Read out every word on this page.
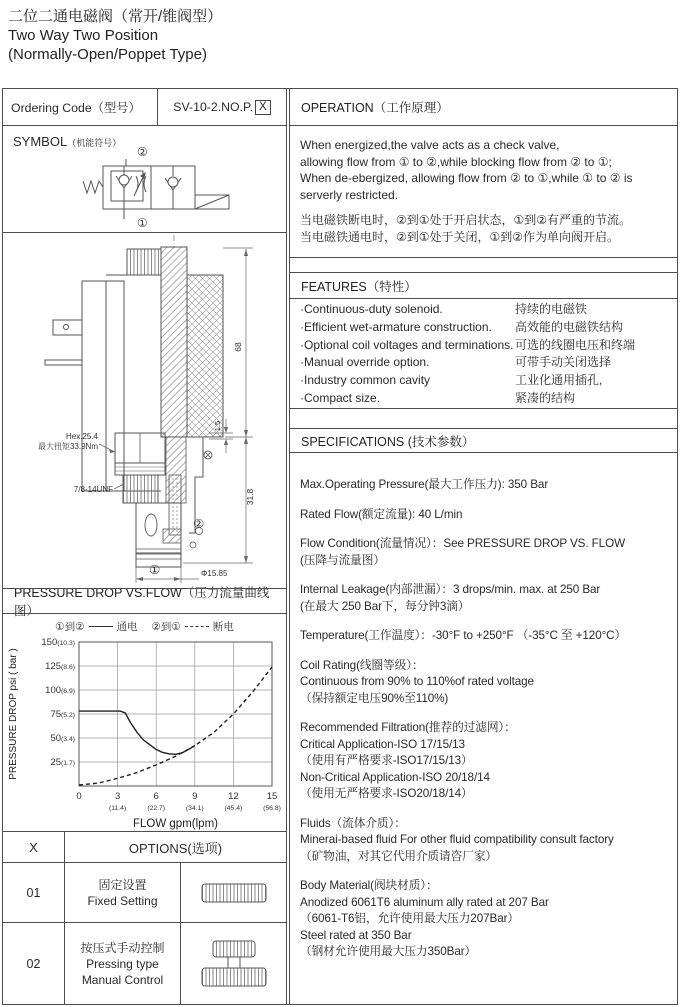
二位二通电磁阀（常开/锥阀型）
Two Way Two Position
(Normally-Open/Poppet Type)
Ordering Code（型号）	SV-10-2.NO.P. X
SYMBOL（机能符号）
②
①
68
1.5
31.8
Φ15.85
②
①
Hex.25.4
最大扭矩33.9Nm
7/8-14UNF
PRESSURE DROP VS.FLOW（压力流量曲线图）
①到②	通电 ②到①	断电
150(10.3)
125(8.6)
100(6.9)
75(5.2)
50(3.4)
25(1.7)
0	3
(11.4)
6
(22.7)
9
(34.1)
12
(45.4)
15
(56.8)
FLOW gpm(lpm)
PRESSURE DROP psi ( bar )
X	OPTIONS(选项)
01
固定设置
Fixed Setting
02
按压式手动控制
Pressing type
Manual Control
OPERATION（工作原理）
When energized,the valve acts as a check valve,
allowing flow from ① to ②,while blocking flow from ② to ①;
When de-ebergized, allowing flow from ② to ①,while ① to ② is
serverly restricted.
当电磁铁断电时，②到①处于开启状态，①到②有严重的节流。
当电磁铁通电时，②到①处于关闭，①到②作为单向阀开启。
FEATURES（特性）
·Continuous-duty solenoid.	持续的电磁铁
·Efficient wet-armature construction. 高效能的电磁铁结构
·Optional coil voltages and terminations. 可选的线圈电压和终端
·Manual override option.	可带手动关闭选择
·Industry common cavity	工业化通用插孔,
·Compact size.	紧凑的结构
SPECIFICATIONS (技术参数）
Max.Operating Pressure(最大工作压力): 350 Bar
Rated Flow(额定流量): 40 L/min
Flow Condition(流量情况）：See PRESSURE DROP VS. FLOW
(压降与流量图）
Internal Leakage(内部泄漏）：3 drops/min. max. at 250 Bar
(在最大 250 Bar下，每分钟3滴）
Temperature(工作温度）：-30°F to +250°F （-35°C 至 +120°C）
Coil Rating(线圈等级）：
Continuous from 90% to 110%of rated voltage
（保持额定电压90%至110%)
Recommended Filtration(推荐的过滤网）：
Critical Application-ISO 17/15/13
（使用有严格要求-ISO17/15/13）
Non-Critical Application-ISO 20/18/14
（使用无严格要求-ISO20/18/14）
Fluids（流体介质）：
Minerai-based fluid For other fluid compatibility consult factory
（矿物油，对其它代用介质请咨厂家）
Body Material(阀块材质）：
Anodized 6061T6 aluminum ally rated at 207 Bar
（6061-T6铝，允许使用最大压力207Bar）
Steel rated at 350 Bar
（钢材允许使用最大压力350Bar）
